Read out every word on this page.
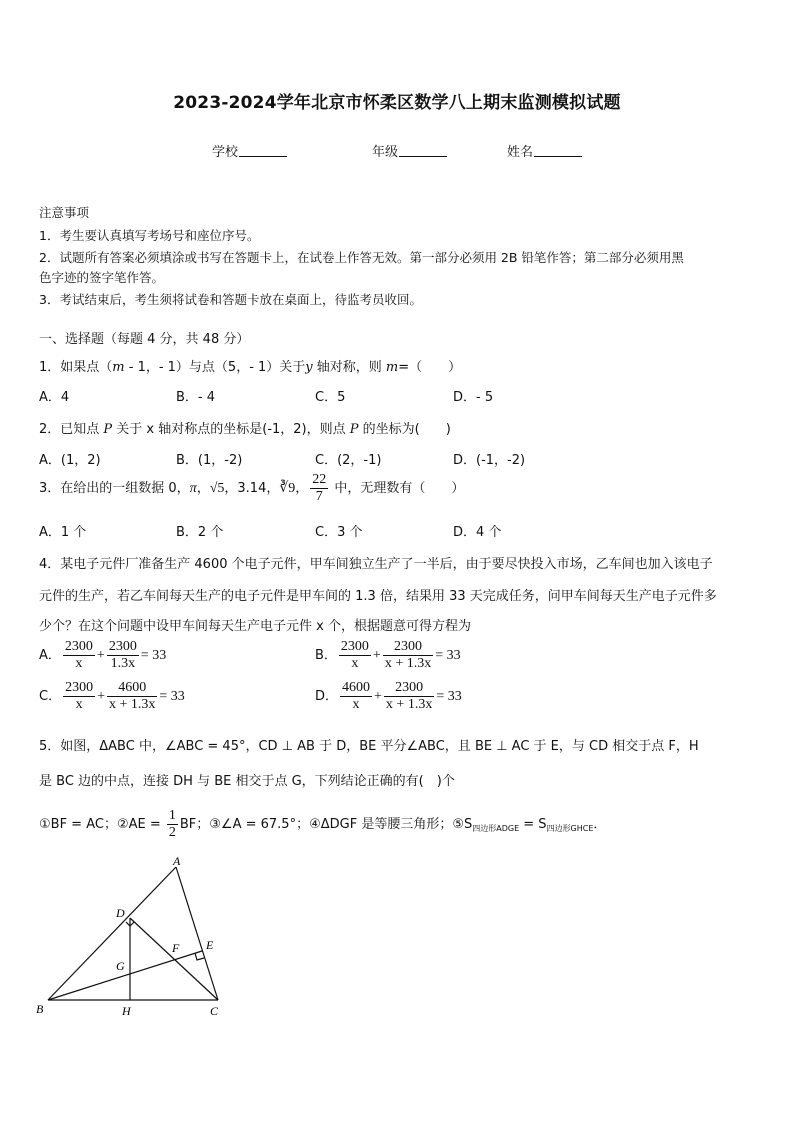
2023-2024学年北京市怀柔区数学八上期末监测模拟试题
学校	年级	姓名
注意事项
1．考生要认真填写考场号和座位序号。
2．试题所有答案必须填涂或书写在答题卡上，在试卷上作答无效。第一部分必须用 2B 铅笔作答；第二部分必须用黑
色字迹的签字笔作答。
3．考试结束后，考生须将试卷和答题卡放在桌面上，待监考员收回。
一、选择题（每题 4 分，共 48 分）
1．如果点（m - 1，- 1）与点（5，- 1）关于y 轴对称，则 m=（　　）
A．4	B．- 4	C．5	D．- 5
2．已知点 P 关于 x 轴对称点的坐标是(-1，2)，则点 P 的坐标为(　　)
A．(1，2)	B．(1，-2)	C．(2，-1)	D．(-1，-2)
3．在给出的一组数据 0，π，√5，3.14，∛9， $\frac{22}{7}$ 中，无理数有（　　）
A．1 个	B．2 个	C．3 个	D．4 个
4．某电子元件厂准备生产 4600 个电子元件，甲车间独立生产了一半后，由于要尽快投入市场，乙车间也加入该电子
元件的生产，若乙车间每天生产的电子元件是甲车间的 1.3 倍，结果用 33 天完成任务，问甲车间每天生产电子元件多
少个？在这个问题中设甲车间每天生产电子元件 x 个，根据题意可得方程为
A． $\frac{2300}{x} + \frac{2300}{1.3x} = 33$	B． $\frac{2300}{x} + \frac{2300}{x + 1.3x} = 33$
C． $\frac{2300}{x} + \frac{4600}{x + 1.3x} = 33$	D． $\frac{4600}{x} + \frac{2300}{x + 1.3x} = 33$
5．如图，ΔABC 中，∠ABC = 45°，CD ⊥ AB 于 D，BE 平分∠ABC，且 BE ⊥ AC 于 E，与 CD 相交于点 F，H
是 BC 边的中点，连接 DH 与 BE 相交于点 G，下列结论正确的有(　)个
①BF = AC；②AE = $\frac{1}{2}$ BF；③∠A = 67.5°；④ΔDGF 是等腰三角形；$⑤S_{四边形ADGE} = S_{四边形GHCE}$．
A
B	C
D
E
F
G
H
